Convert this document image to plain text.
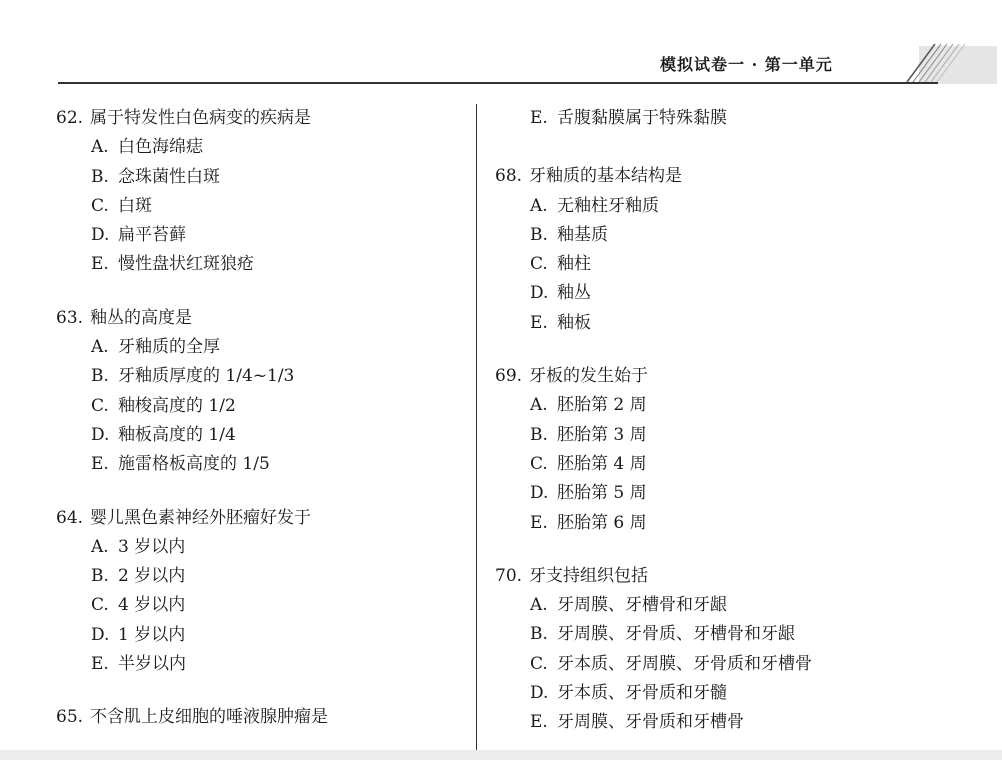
模拟试卷一 · 第一单元
62. 属于特发性白色病变的疾病是
A. 白色海绵痣
B. 念珠菌性白斑
C. 白斑
D. 扁平苔藓
E. 慢性盘状红斑狼疮
63. 釉丛的高度是
A. 牙釉质的全厚
B. 牙釉质厚度的 1/4~1/3
C. 釉梭高度的 1/2
D. 釉板高度的 1/4
E. 施雷格板高度的 1/5
64. 婴儿黑色素神经外胚瘤好发于
A. 3 岁以内
B. 2 岁以内
C. 4 岁以内
D. 1 岁以内
E. 半岁以内
65. 不含肌上皮细胞的唾液腺肿瘤是
E. 舌腹黏膜属于特殊黏膜
68. 牙釉质的基本结构是
A. 无釉柱牙釉质
B. 釉基质
C. 釉柱
D. 釉丛
E. 釉板
69. 牙板的发生始于
A. 胚胎第 2 周
B. 胚胎第 3 周
C. 胚胎第 4 周
D. 胚胎第 5 周
E. 胚胎第 6 周
70. 牙支持组织包括
A. 牙周膜、牙槽骨和牙龈
B. 牙周膜、牙骨质、牙槽骨和牙龈
C. 牙本质、牙周膜、牙骨质和牙槽骨
D. 牙本质、牙骨质和牙髓
E. 牙周膜、牙骨质和牙槽骨
